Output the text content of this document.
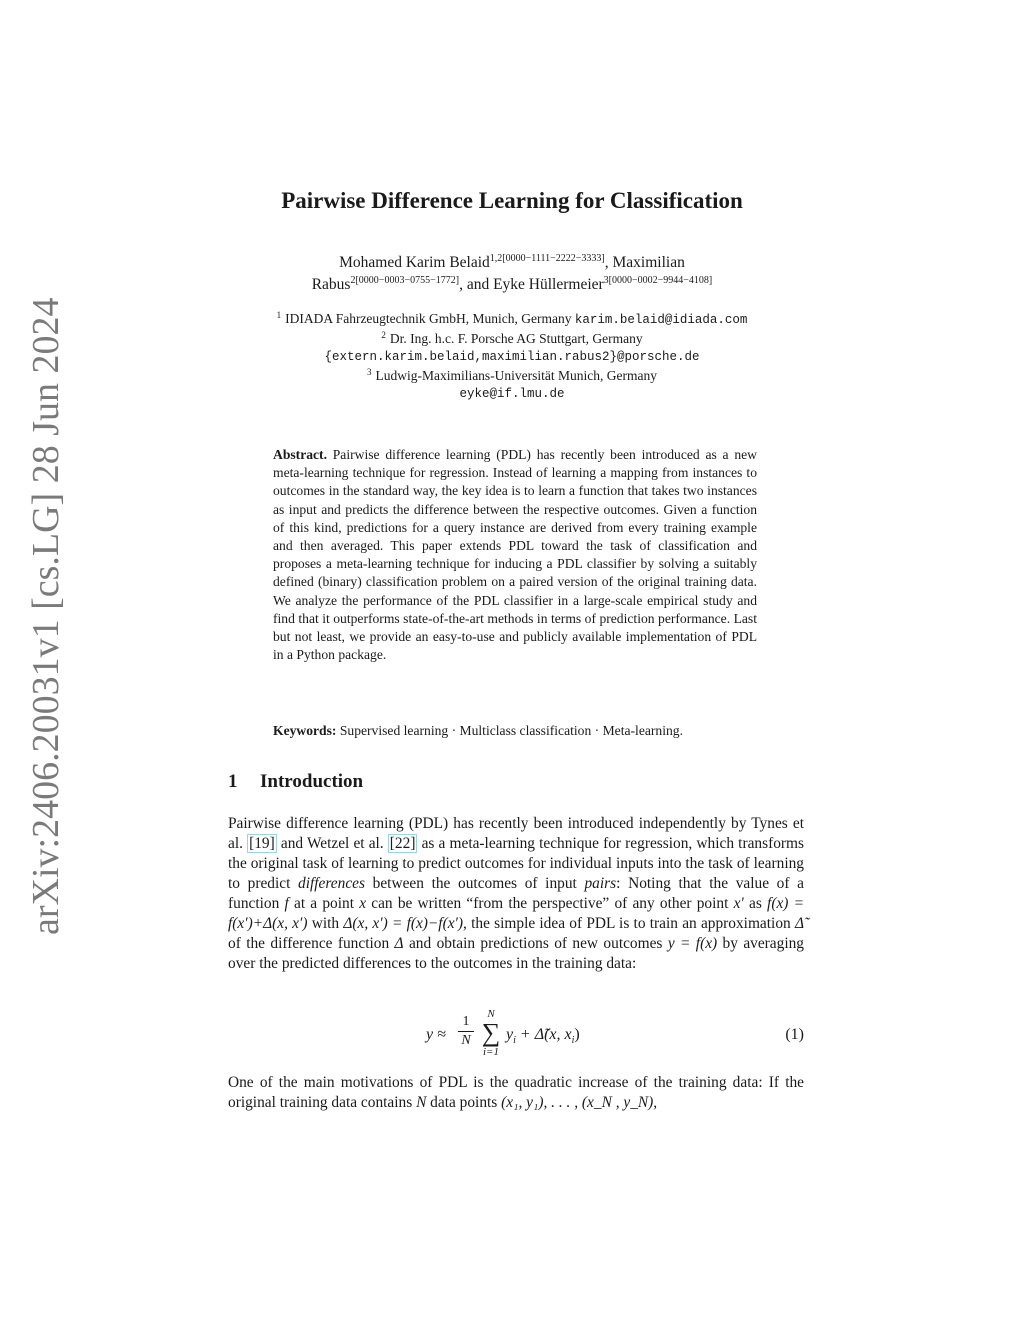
arXiv:2406.20031v1 [cs.LG] 28 Jun 2024
Pairwise Difference Learning for Classification
Mohamed Karim Belaid$^{1,2[0000-1111-2222-3333]}$, Maximilian
Rabus$^{2[0000-0003-0755-1772]}$, and Eyke Hüllermeier$^{3[0000-0002-9944-4108]}$
$^1$ IDIADA Fahrzeugtechnik GmbH, Munich, Germany karim.belaid@idiada.com
$^2$ Dr. Ing. h.c. F. Porsche AG Stuttgart, Germany
{extern.karim.belaid,maximilian.rabus2}@porsche.de
$^3$ Ludwig-Maximilians-Universität Munich, Germany
eyke@if.lmu.de
Abstract. Pairwise difference learning (PDL) has recently been introduced as a new meta-learning technique for regression. Instead of learning a mapping from instances to outcomes in the standard way, the key idea is to learn a function that takes two instances as input and predicts the difference between the respective outcomes. Given a function of this kind, predictions for a query instance are derived from every training example and then averaged. This paper extends PDL toward the task of classification and proposes a meta-learning technique for inducing a PDL classifier by solving a suitably defined (binary) classification problem on a paired version of the original training data. We analyze the performance of the PDL classifier in a large-scale empirical study and find that it outperforms state-of-the-art methods in terms of prediction performance. Last but not least, we provide an easy-to-use and publicly available implementation of PDL in a Python package.
Keywords: Supervised learning · Multiclass classification · Meta-learning.
1 Introduction
Pairwise difference learning (PDL) has recently been introduced independently by Tynes et al. [19] and Wetzel et al. [22] as a meta-learning technique for regression, which transforms the original task of learning to predict outcomes for individual inputs into the task of learning to predict differences between the outcomes of input pairs: Noting that the value of a function f at a point x can be written “from the perspective” of any other point x′ as f(x) = f(x′)+Δ(x, x′) with Δ(x, x′) = f(x)−f(x′), the simple idea of PDL is to train an approximation Δ̃ of the difference function Δ and obtain predictions of new outcomes y = f(x) by averaging over the predicted differences to the outcomes in the training data:
y ≈
1
N
N
∑
i=1
$y_i$ + Δ̃(x, $x_i$)	(1)
One of the main motivations of PDL is the quadratic increase of the training data: If the original training data contains N data points (x₁, y₁), . . . , (x_N , y_N),
